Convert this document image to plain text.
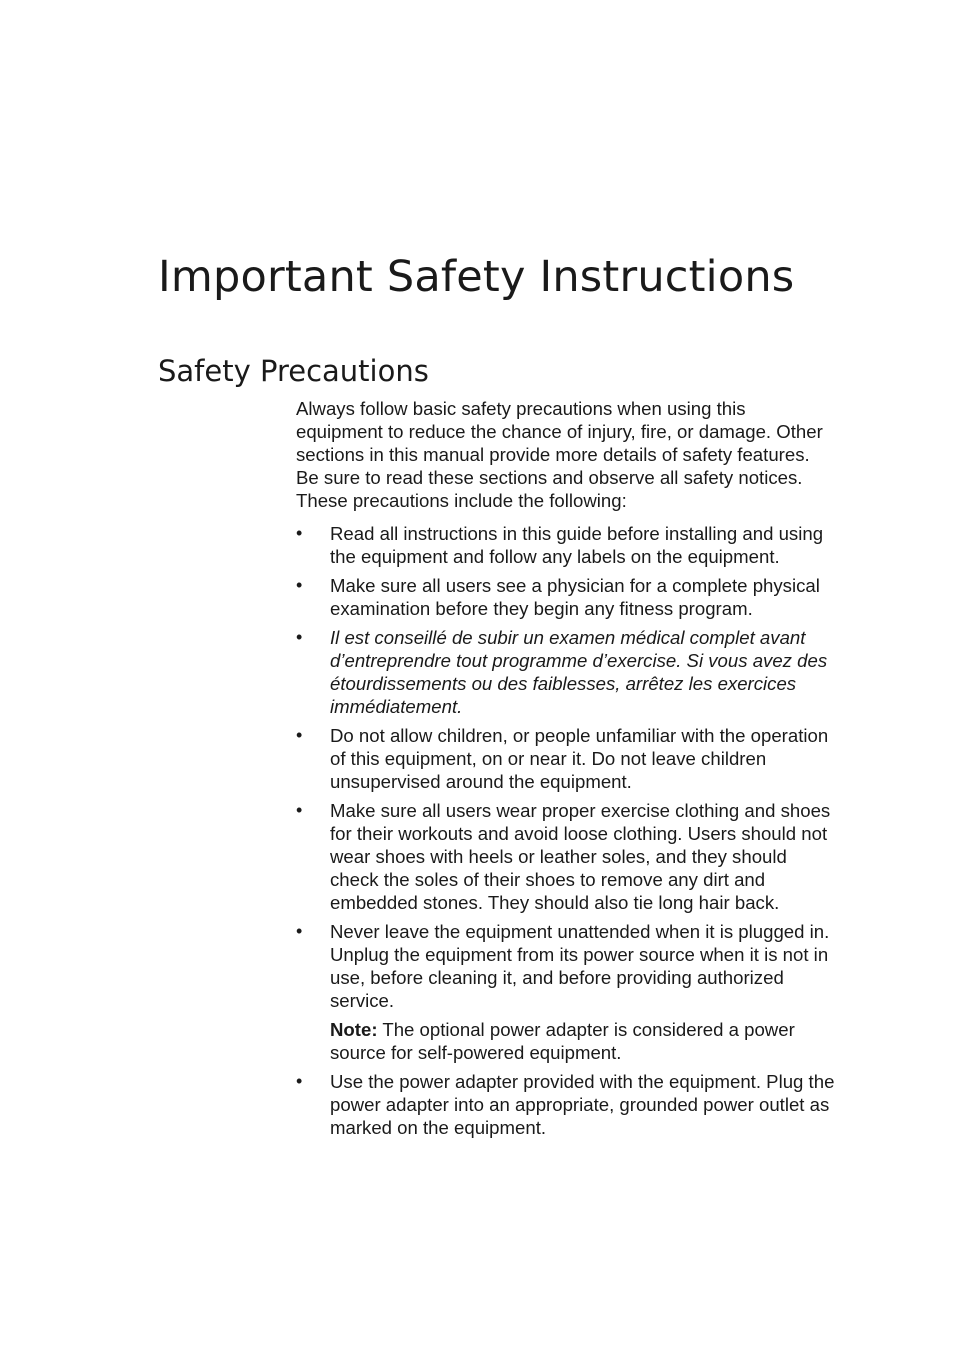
Important Safety Instructions
Safety Precautions

Always follow basic safety precautions when using this equipment to reduce the chance of injury, fire, or damage. Other sections in this manual provide more details of safety features. Be sure to read these sections and observe all safety notices. These precautions include the following:

• Read all instructions in this guide before installing and using the equipment and follow any labels on the equipment.
• Make sure all users see a physician for a complete physical examination before they begin any fitness program.
• Il est conseillé de subir un examen médical complet avant d’entreprendre tout programme d’exercise. Si vous avez des étourdissements ou des faiblesses, arrêtez les exercices immédiatement.
• Do not allow children, or people unfamiliar with the operation of this equipment, on or near it. Do not leave children unsupervised around the equipment.
• Make sure all users wear proper exercise clothing and shoes for their workouts and avoid loose clothing. Users should not wear shoes with heels or leather soles, and they should check the soles of their shoes to remove any dirt and embedded stones. They should also tie long hair back.
• Never leave the equipment unattended when it is plugged in. Unplug the equipment from its power source when it is not in use, before cleaning it, and before providing authorized service.

Note: The optional power adapter is considered a power source for self-powered equipment.

• Use the power adapter provided with the equipment. Plug the power adapter into an appropriate, grounded power outlet as marked on the equipment.
